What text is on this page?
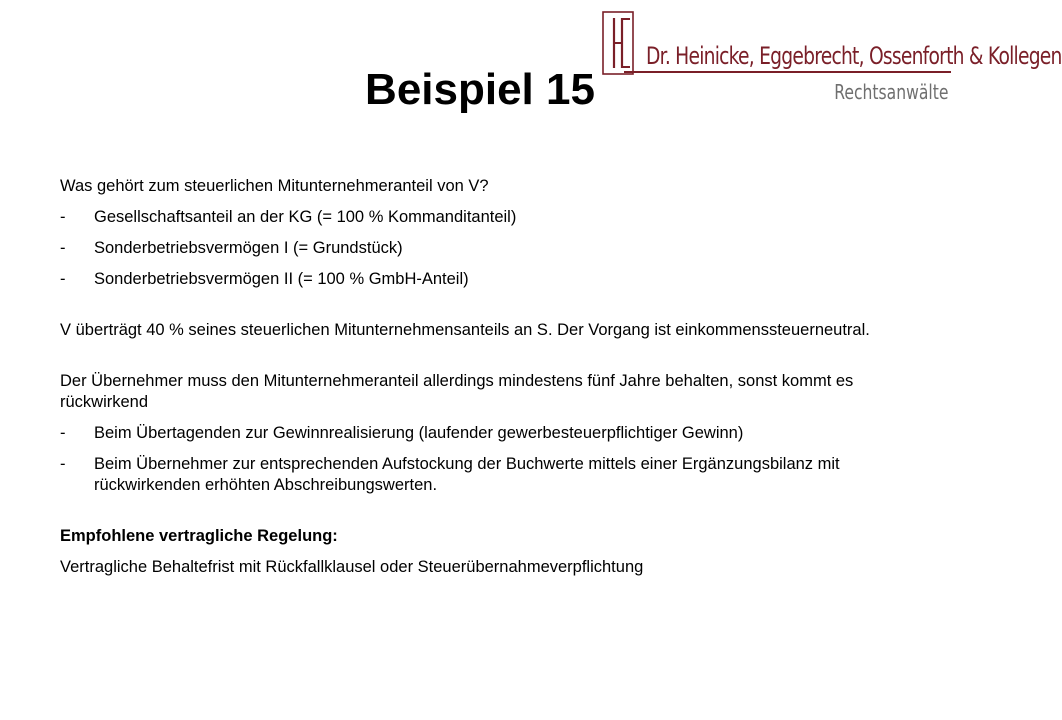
Dr. Heinicke, Eggebrecht, Ossenforth & Kollegen
Rechtsanwälte
Beispiel 15

Was gehört zum steuerlichen Mitunternehmeranteil von V?

- Gesellschaftsanteil an der KG (= 100 % Kommanditanteil)
- Sonderbetriebsvermögen I (= Grundstück)
- Sonderbetriebsvermögen II (= 100 % GmbH-Anteil)

V überträgt 40 % seines steuerlichen Mitunternehmensanteils an S. Der Vorgang ist einkommenssteuerneutral.

Der Übernehmer muss den Mitunternehmeranteil allerdings mindestens fünf Jahre behalten, sonst kommt es rückwirkend

- Beim Übertagenden zur Gewinnrealisierung (laufender gewerbesteuerpflichtiger Gewinn)
- Beim Übernehmer zur entsprechenden Aufstockung der Buchwerte mittels einer Ergänzungsbilanz mit rückwirkenden erhöhten Abschreibungswerten.

Empfohlene vertragliche Regelung:

Vertragliche Behaltefrist mit Rückfallklausel oder Steuerübernahmeverpflichtung
